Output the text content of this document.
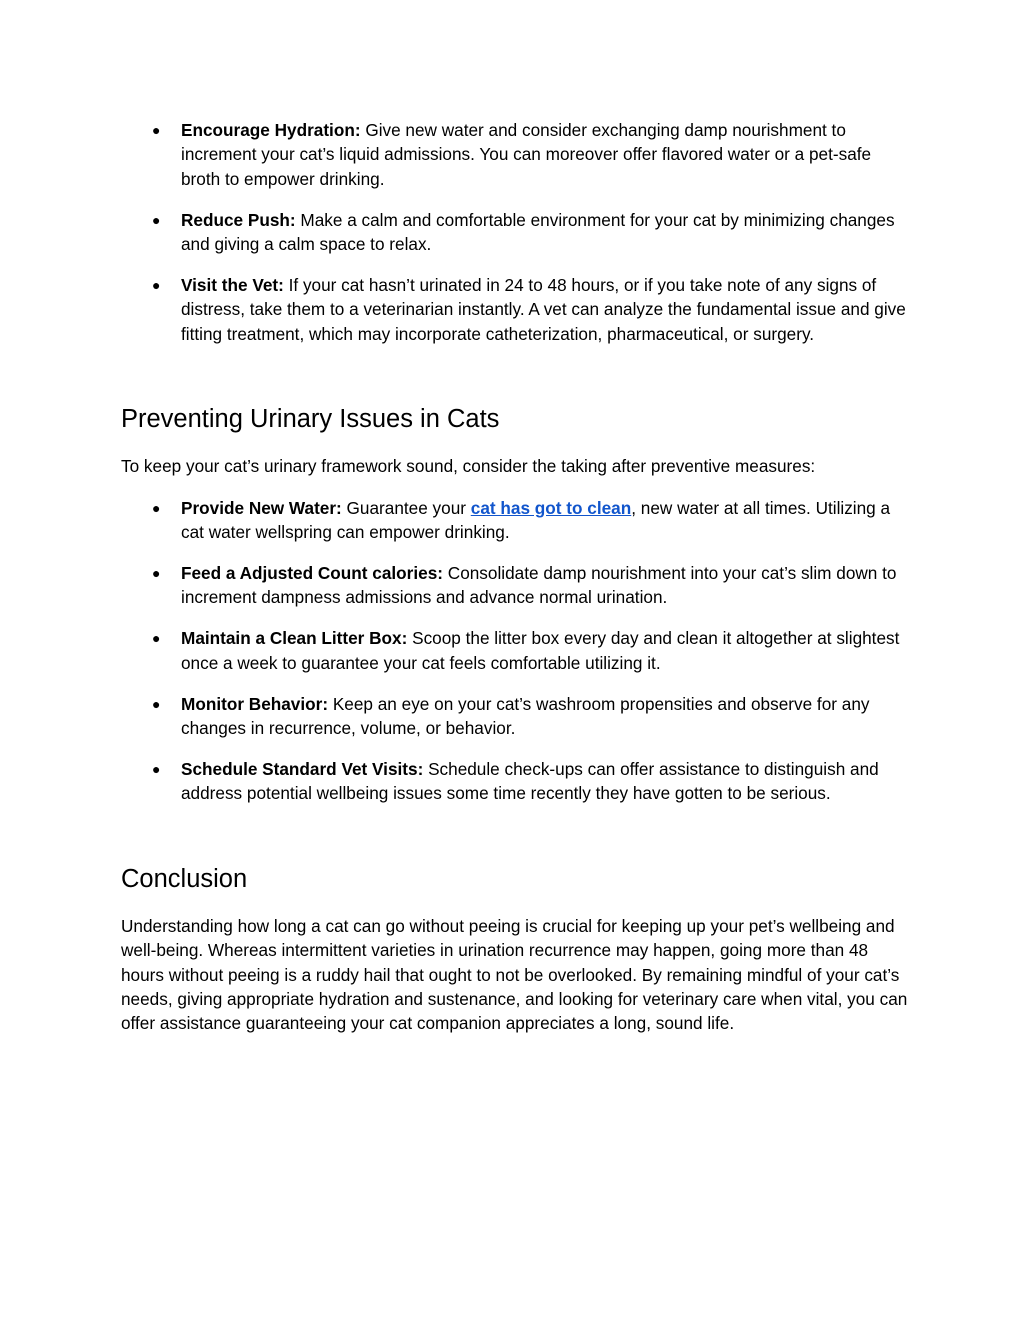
● Encourage Hydration: Give new water and consider exchanging damp nourishment to increment your cat’s liquid admissions. You can moreover offer flavored water or a pet-safe broth to empower drinking.
● Reduce Push: Make a calm and comfortable environment for your cat by minimizing changes and giving a calm space to relax.
● Visit the Vet: If your cat hasn’t urinated in 24 to 48 hours, or if you take note of any signs of distress, take them to a veterinarian instantly. A vet can analyze the fundamental issue and give fitting treatment, which may incorporate catheterization, pharmaceutical, or surgery.
Preventing Urinary Issues in Cats

To keep your cat’s urinary framework sound, consider the taking after preventive measures:

● Provide New Water: Guarantee your cat has got to clean, new water at all times. Utilizing a cat water wellspring can empower drinking.
● Feed a Adjusted Count calories: Consolidate damp nourishment into your cat’s slim down to increment dampness admissions and advance normal urination.
● Maintain a Clean Litter Box: Scoop the litter box every day and clean it altogether at slightest once a week to guarantee your cat feels comfortable utilizing it.
● Monitor Behavior: Keep an eye on your cat’s washroom propensities and observe for any changes in recurrence, volume, or behavior.
● Schedule Standard Vet Visits: Schedule check-ups can offer assistance to distinguish and address potential wellbeing issues some time recently they have gotten to be serious.
Conclusion

Understanding how long a cat can go without peeing is crucial for keeping up your pet’s wellbeing and well-being. Whereas intermittent varieties in urination recurrence may happen, going more than 48 hours without peeing is a ruddy hail that ought to not be overlooked. By remaining mindful of your cat’s needs, giving appropriate hydration and sustenance, and looking for veterinary care when vital, you can offer assistance guaranteeing your cat companion appreciates a long, sound life.
